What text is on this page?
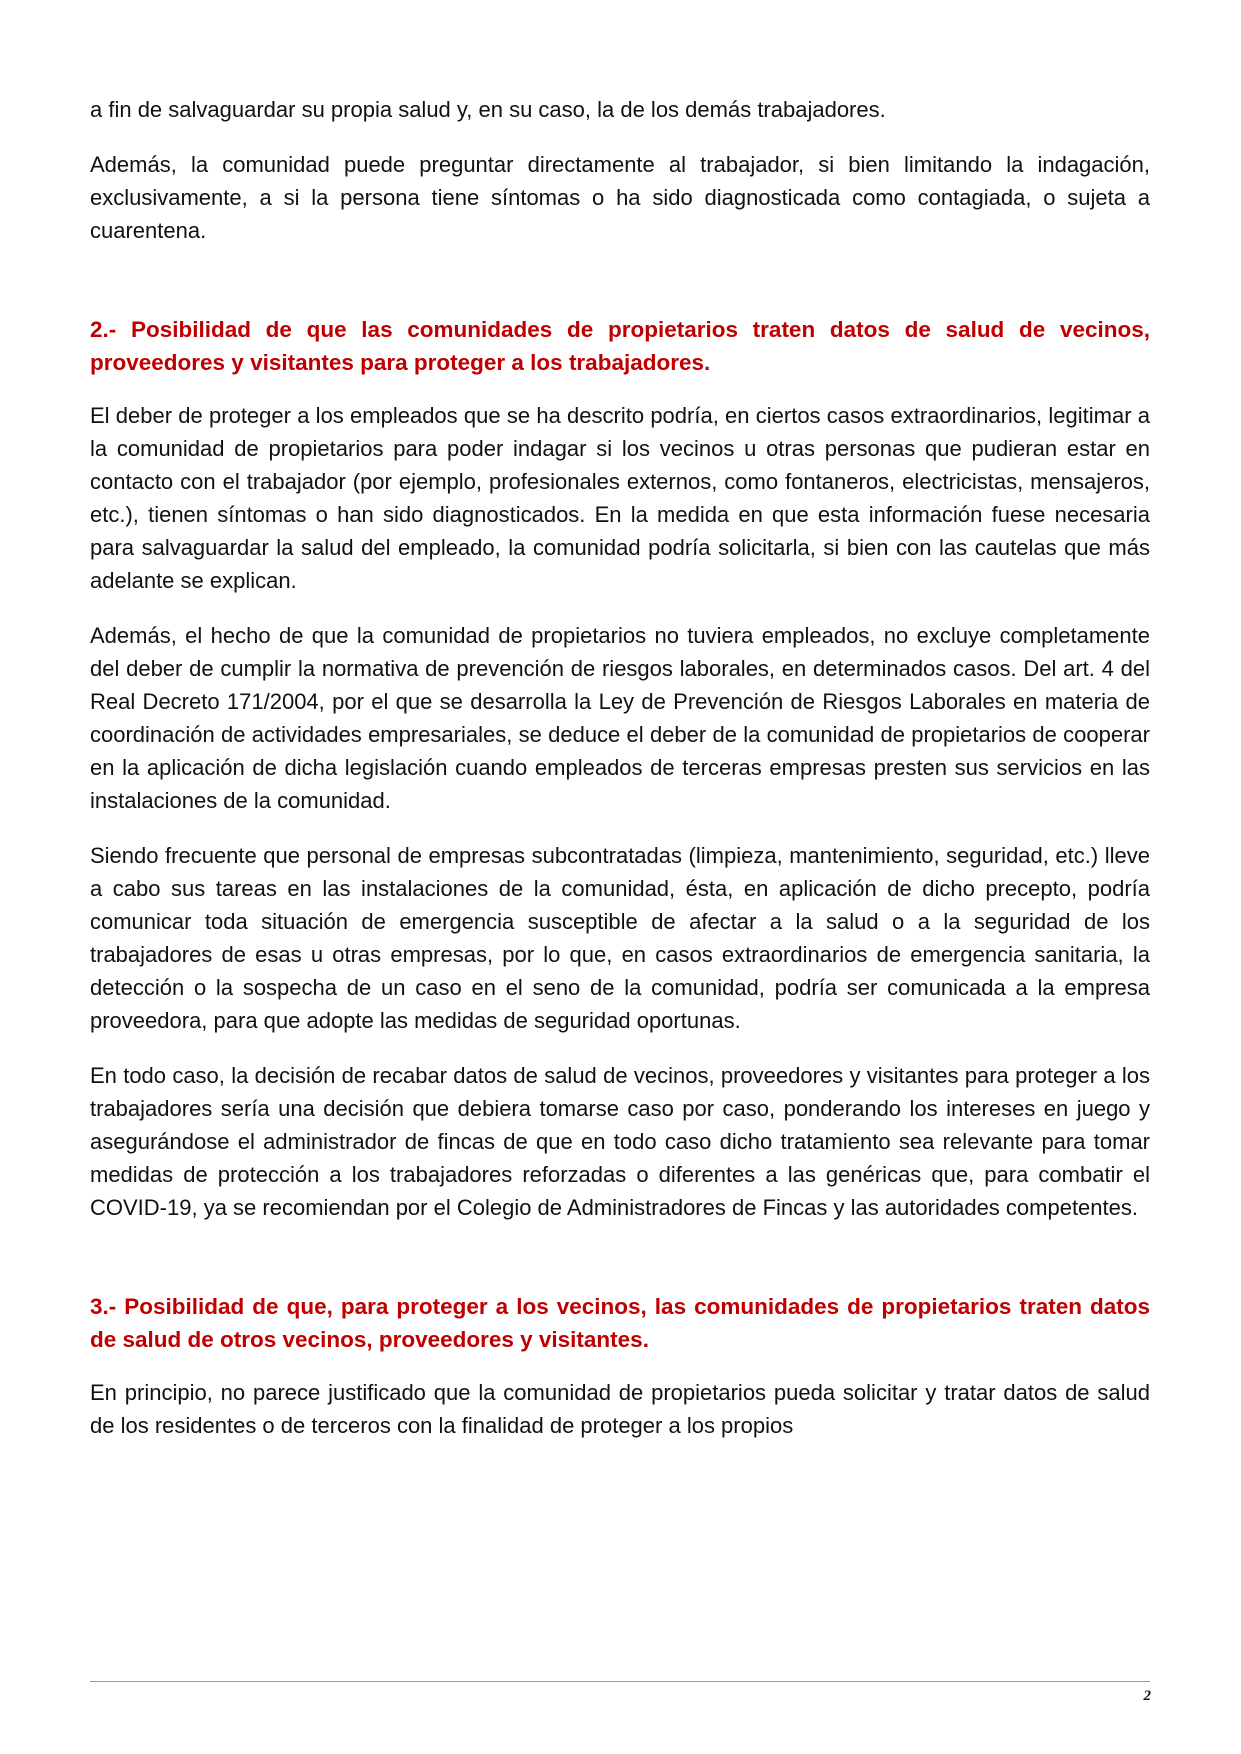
a fin de salvaguardar su propia salud y, en su caso, la de los demás trabajadores.

Además, la comunidad puede preguntar directamente al trabajador, si bien limitando la indagación, exclusivamente, a si la persona tiene síntomas o ha sido diagnosticada como contagiada, o sujeta a cuarentena.

2.- Posibilidad de que las comunidades de propietarios traten datos de salud de vecinos, proveedores y visitantes para proteger a los trabajadores.

El deber de proteger a los empleados que se ha descrito podría, en ciertos casos extraordinarios, legitimar a la comunidad de propietarios para poder indagar si los vecinos u otras personas que pudieran estar en contacto con el trabajador (por ejemplo, profesionales externos, como fontaneros, electricistas, mensajeros, etc.), tienen síntomas o han sido diagnosticados. En la medida en que esta información fuese necesaria para salvaguardar la salud del empleado, la comunidad podría solicitarla, si bien con las cautelas que más adelante se explican.

Además, el hecho de que la comunidad de propietarios no tuviera empleados, no excluye completamente del deber de cumplir la normativa de prevención de riesgos laborales, en determinados casos. Del art. 4 del Real Decreto 171/2004, por el que se desarrolla la Ley de Prevención de Riesgos Laborales en materia de coordinación de actividades empresariales, se deduce el deber de la comunidad de propietarios de cooperar en la aplicación de dicha legislación cuando empleados de terceras empresas presten sus servicios en las instalaciones de la comunidad.

Siendo frecuente que personal de empresas subcontratadas (limpieza, mantenimiento, seguridad, etc.) lleve a cabo sus tareas en las instalaciones de la comunidad, ésta, en aplicación de dicho precepto, podría comunicar toda situación de emergencia susceptible de afectar a la salud o a la seguridad de los trabajadores de esas u otras empresas, por lo que, en casos extraordinarios de emergencia sanitaria, la detección o la sospecha de un caso en el seno de la comunidad, podría ser comunicada a la empresa proveedora, para que adopte las medidas de seguridad oportunas.

En todo caso, la decisión de recabar datos de salud de vecinos, proveedores y visitantes para proteger a los trabajadores sería una decisión que debiera tomarse caso por caso, ponderando los intereses en juego y asegurándose el administrador de fincas de que en todo caso dicho tratamiento sea relevante para tomar medidas de protección a los trabajadores reforzadas o diferentes a las genéricas que, para combatir el COVID-19, ya se recomiendan por el Colegio de Administradores de Fincas y las autoridades competentes.

3.- Posibilidad de que, para proteger a los vecinos, las comunidades de propietarios traten datos de salud de otros vecinos, proveedores y visitantes.

En principio, no parece justificado que la comunidad de propietarios pueda solicitar y tratar datos de salud de los residentes o de terceros con la finalidad de proteger a los propios

2
